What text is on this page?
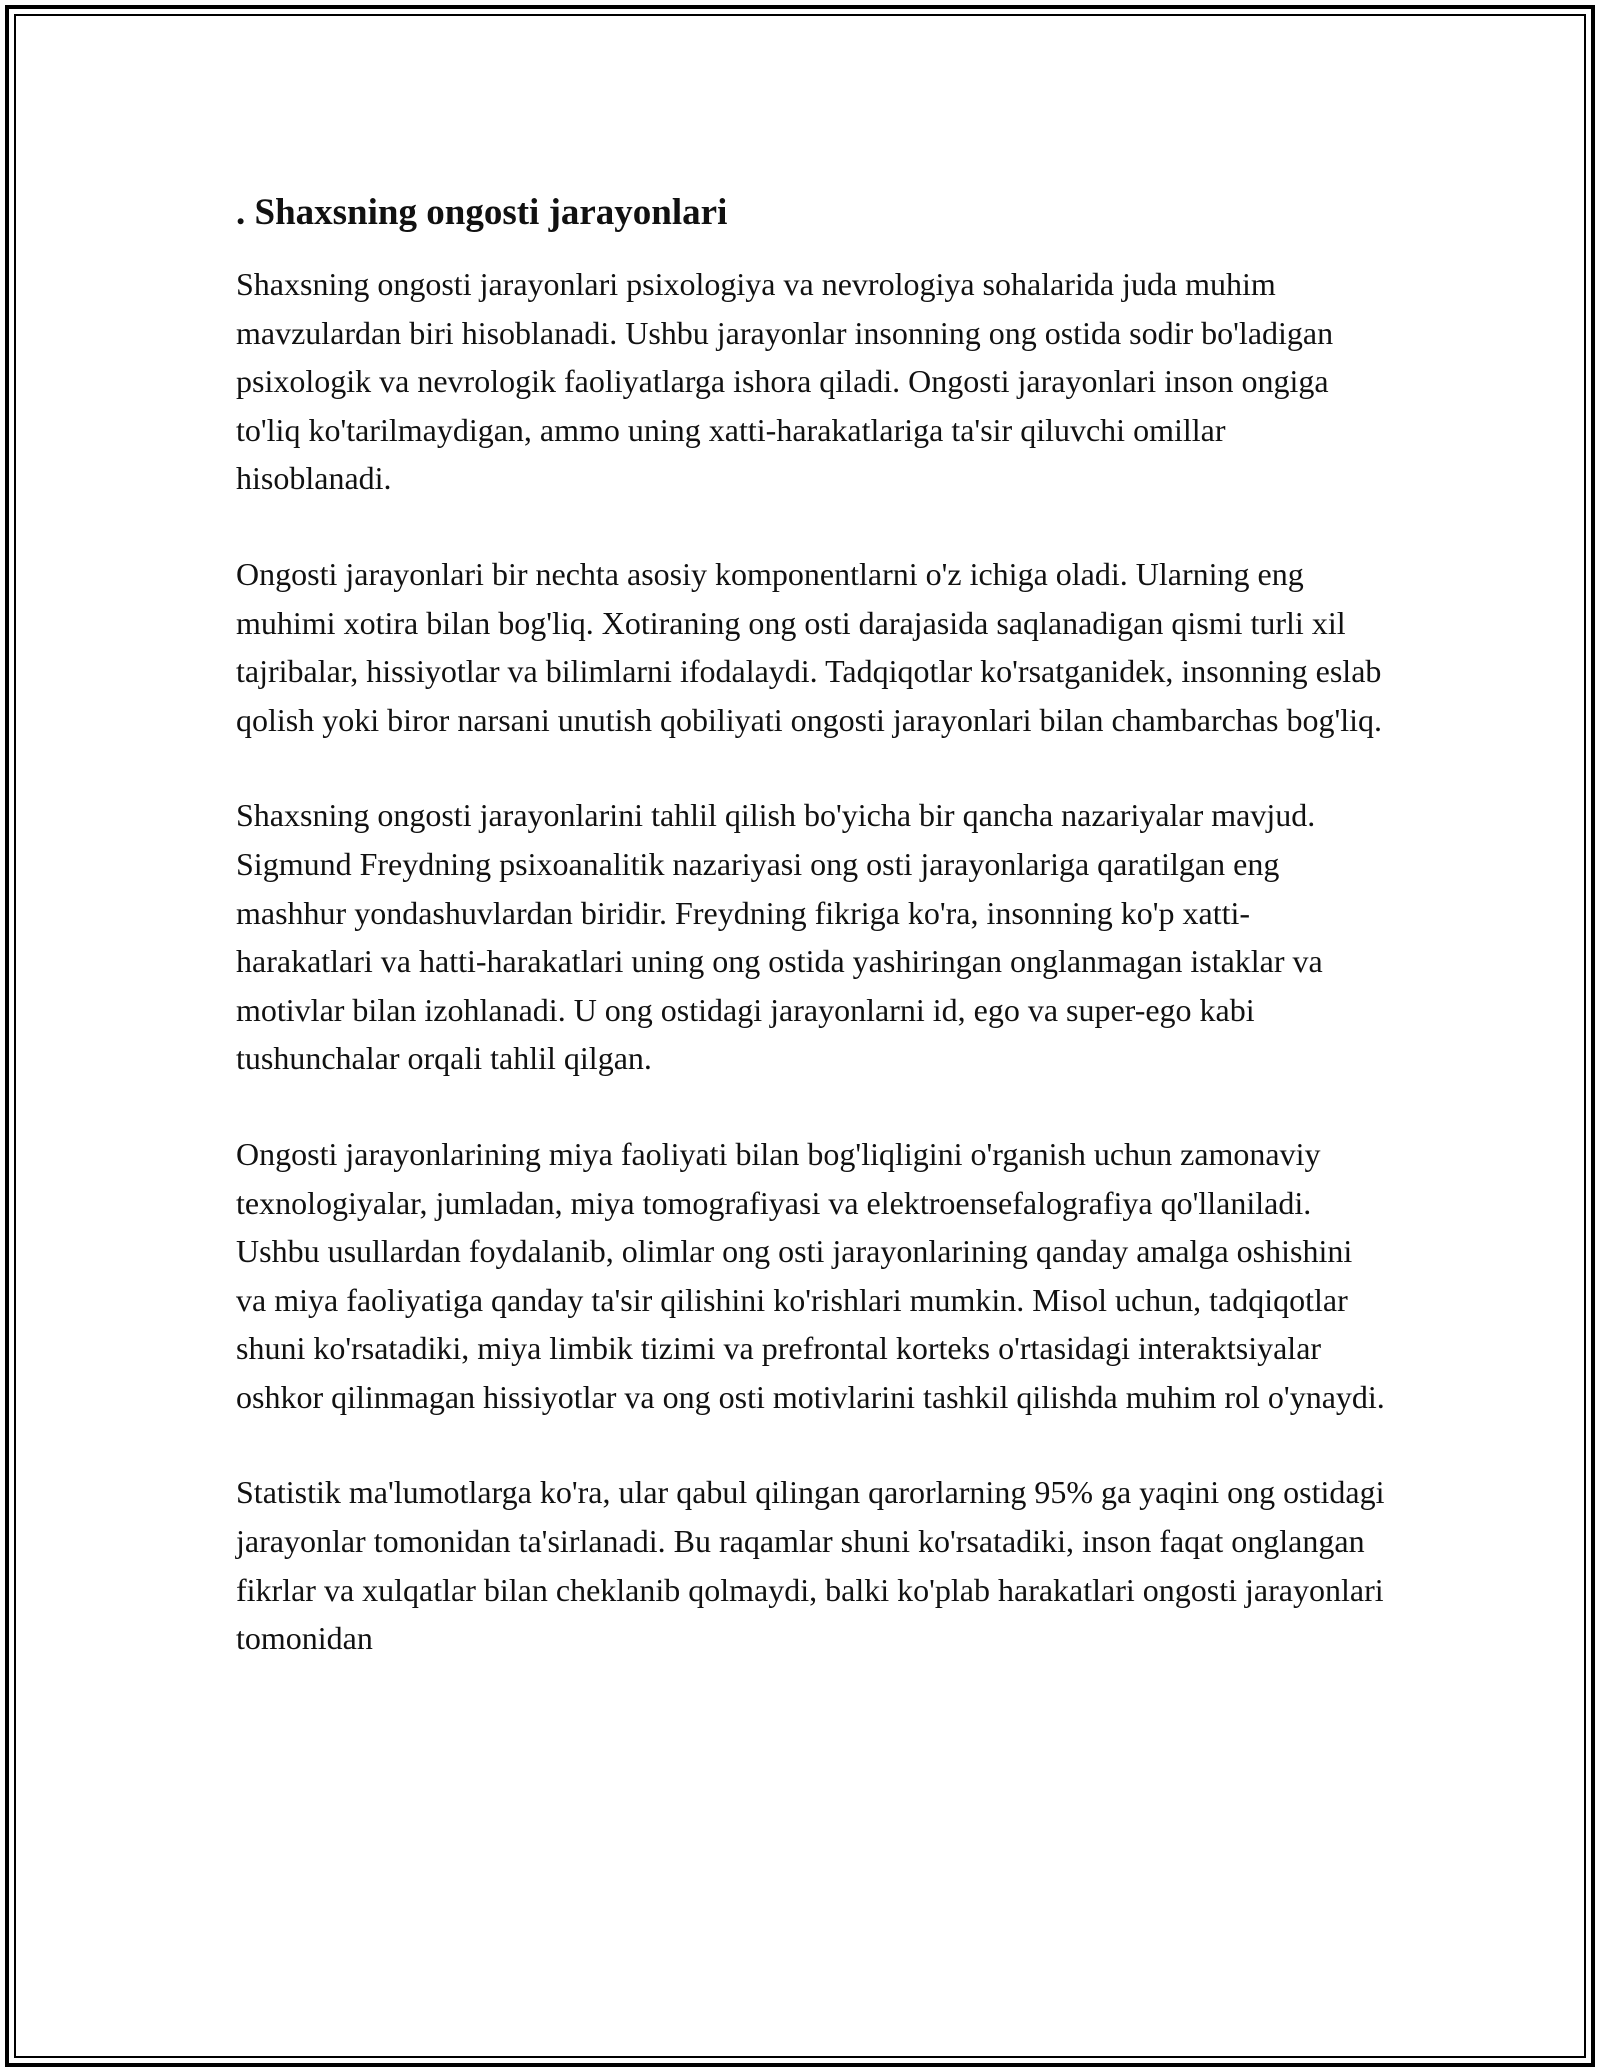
. Shaxsning ongosti jarayonlari

Shaxsning ongosti jarayonlari psixologiya va nevrologiya sohalarida juda muhim mavzulardan biri hisoblanadi. Ushbu jarayonlar insonning ong ostida sodir bo'ladigan psixologik va nevrologik faoliyatlarga ishora qiladi. Ongosti jarayonlari inson ongiga to'liq ko'tarilmaydigan, ammo uning xatti-harakatlariga ta'sir qiluvchi omillar hisoblanadi.

Ongosti jarayonlari bir nechta asosiy komponentlarni o'z ichiga oladi. Ularning eng muhimi xotira bilan bog'liq. Xotiraning ong osti darajasida saqlanadigan qismi turli xil tajribalar, hissiyotlar va bilimlarni ifodalaydi. Tadqiqotlar ko'rsatganidek, insonning eslab qolish yoki biror narsani unutish qobiliyati ongosti jarayonlari bilan chambarchas bog'liq.

Shaxsning ongosti jarayonlarini tahlil qilish bo'yicha bir qancha nazariyalar mavjud. Sigmund Freydning psixoanalitik nazariyasi ong osti jarayonlariga qaratilgan eng mashhur yondashuvlardan biridir. Freydning fikriga ko'ra, insonning ko'p xatti-harakatlari va hatti-harakatlari uning ong ostida yashiringan onglanmagan istaklar va motivlar bilan izohlanadi. U ong ostidagi jarayonlarni id, ego va super-ego kabi tushunchalar orqali tahlil qilgan.

Ongosti jarayonlarining miya faoliyati bilan bog'liqligini o'rganish uchun zamonaviy texnologiyalar, jumladan, miya tomografiyasi va elektroensefalografiya qo'llaniladi. Ushbu usullardan foydalanib, olimlar ong osti jarayonlarining qanday amalga oshishini va miya faoliyatiga qanday ta'sir qilishini ko'rishlari mumkin. Misol uchun, tadqiqotlar shuni ko'rsatadiki, miya limbik tizimi va prefrontal korteks o'rtasidagi interaktsiyalar oshkor qilinmagan hissiyotlar va ong osti motivlarini tashkil qilishda muhim rol o'ynaydi.

Statistik ma'lumotlarga ko'ra, ular qabul qilingan qarorlarning 95% ga yaqini ong ostidagi jarayonlar tomonidan ta'sirlanadi. Bu raqamlar shuni ko'rsatadiki, inson faqat onglangan fikrlar va xulqatlar bilan cheklanib qolmaydi, balki ko'plab harakatlari ongosti jarayonlari tomonidan
